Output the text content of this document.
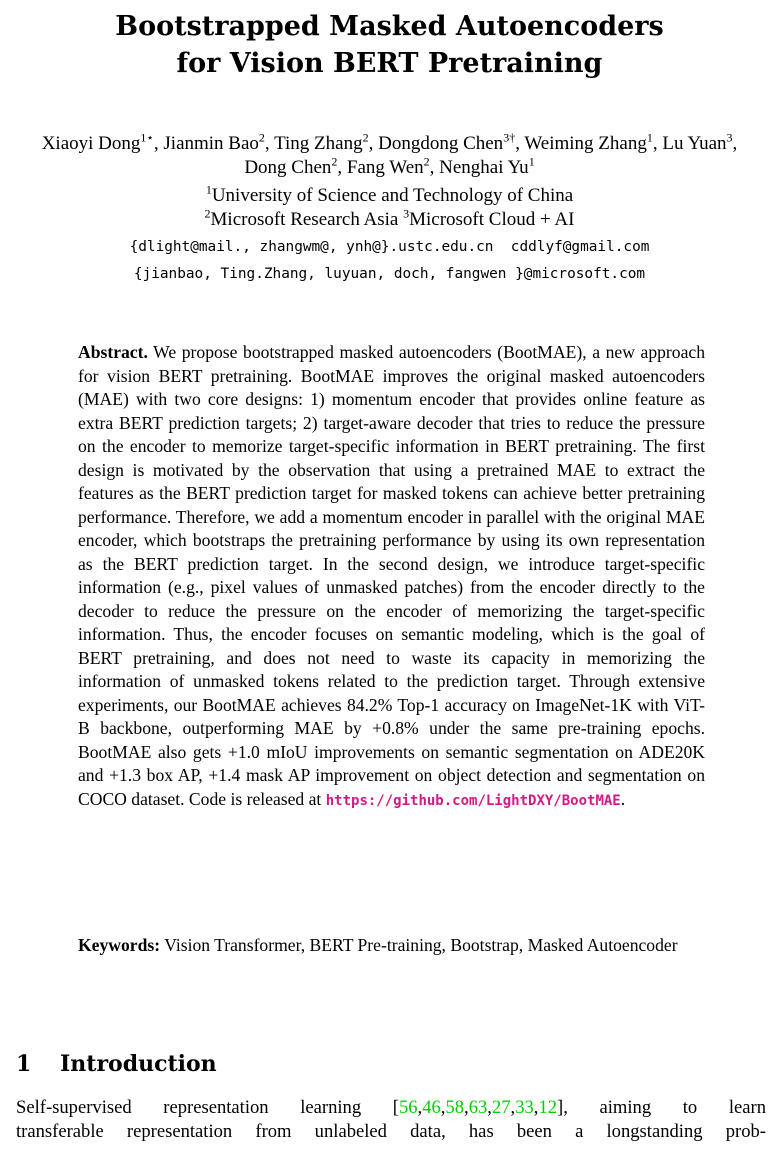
Bootstrapped Masked Autoencoders
for Vision BERT Pretraining
Xiaoyi Dong$^{1⋆}$, Jianmin Bao$^2$, Ting Zhang$^2$, Dongdong Chen$^{3\dagger}$, Weiming Zhang$^1$, Lu Yuan$^3$, Dong Chen$^2$, Fang Wen$^2$, Nenghai Yu$^1$
$^1$University of Science and Technology of China
$^2$Microsoft Research Asia $^3$Microsoft Cloud + AI
{dlight@mail., zhangwm@, ynh@}.ustc.edu.cn  cddlyf@gmail.com
{jianbao, Ting.Zhang, luyuan, doch, fangwen }@microsoft.com
Abstract. We propose bootstrapped masked autoencoders (BootMAE), a new approach for vision BERT pretraining. BootMAE improves the original masked autoencoders (MAE) with two core designs: 1) momentum encoder that provides online feature as extra BERT prediction targets; 2) target-aware decoder that tries to reduce the pressure on the encoder to memorize target-specific information in BERT pretraining. The first design is motivated by the observation that using a pretrained MAE to extract the features as the BERT prediction target for masked tokens can achieve better pretraining performance. Therefore, we add a momentum encoder in parallel with the original MAE encoder, which bootstraps the pretraining performance by using its own representation as the BERT prediction target. In the second design, we introduce target-specific information (e.g., pixel values of unmasked patches) from the encoder directly to the decoder to reduce the pressure on the encoder of memorizing the target-specific information. Thus, the encoder focuses on semantic modeling, which is the goal of BERT pretraining, and does not need to waste its capacity in memorizing the information of unmasked tokens related to the prediction target. Through extensive experiments, our BootMAE achieves 84.2% Top-1 accuracy on ImageNet-1K with ViT-B backbone, outperforming MAE by +0.8% under the same pre-training epochs. BootMAE also gets +1.0 mIoU improvements on semantic segmentation on ADE20K and +1.3 box AP, +1.4 mask AP improvement on object detection and segmentation on COCO dataset. Code is released at https://github.com/LightDXY/BootMAE.
Keywords: Vision Transformer, BERT Pre-training, Bootstrap, Masked Autoencoder
1 Introduction
Self-supervised representation learning [56,46,58,63,27,33,12], aiming to learn
transferable representation from unlabeled data, has been a longstanding prob-
